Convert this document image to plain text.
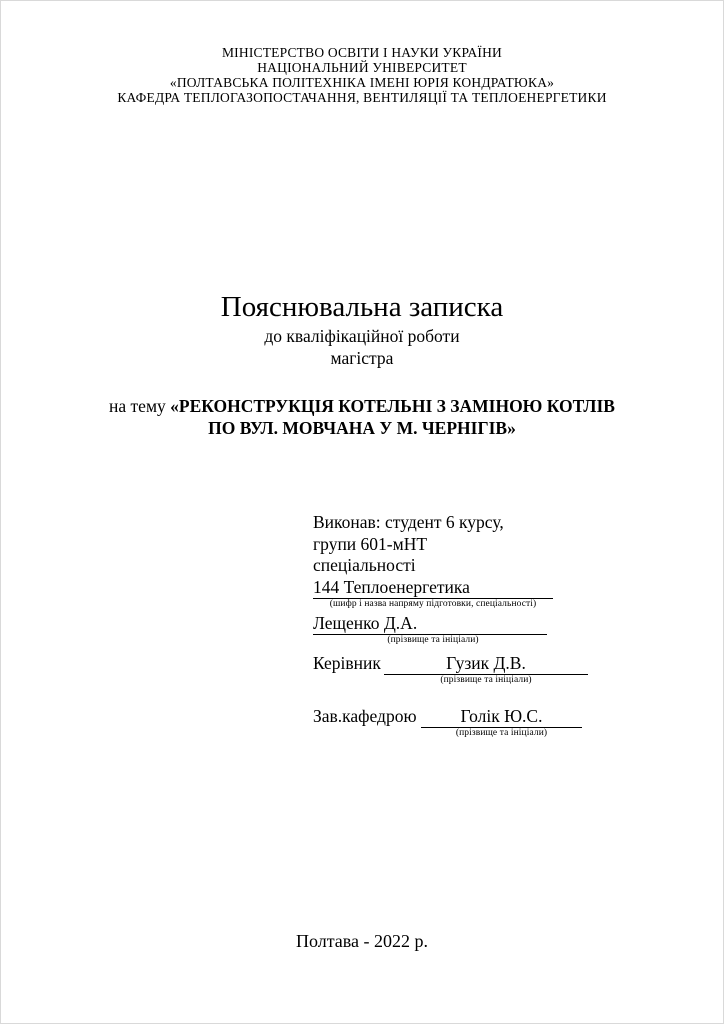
МІНІСТЕРСТВО ОСВІТИ І НАУКИ УКРАЇНИ
НАЦІОНАЛЬНИЙ УНІВЕРСИТЕТ
«ПОЛТАВСЬКА ПОЛІТЕХНІКА ІМЕНІ ЮРІЯ КОНДРАТЮКА»
КАФЕДРА ТЕПЛОГАЗОПОСТАЧАННЯ, ВЕНТИЛЯЦІЇ ТА ТЕПЛОЕНЕРГЕТИКИ
Пояснювальна записка
до кваліфікаційної роботи
магістра
на тему «РЕКОНСТРУКЦІЯ КОТЕЛЬНІ З ЗАМІНОЮ КОТЛІВ
ПО ВУЛ. МОВЧАНА У М. ЧЕРНІГІВ»
Виконав: студент 6 курсу,
групи 601-мНТ
спеціальності
144 Теплоенергетика
(шифр і назва напряму підготовки, спеціальності)
Лещенко Д.А.
(прізвище та ініціали)
Керівник	Гузик Д.В.
(прізвище та ініціали)
Зав.кафедрою	Голік Ю.С.
(прізвище та ініціали)
Полтава - 2022 р.
